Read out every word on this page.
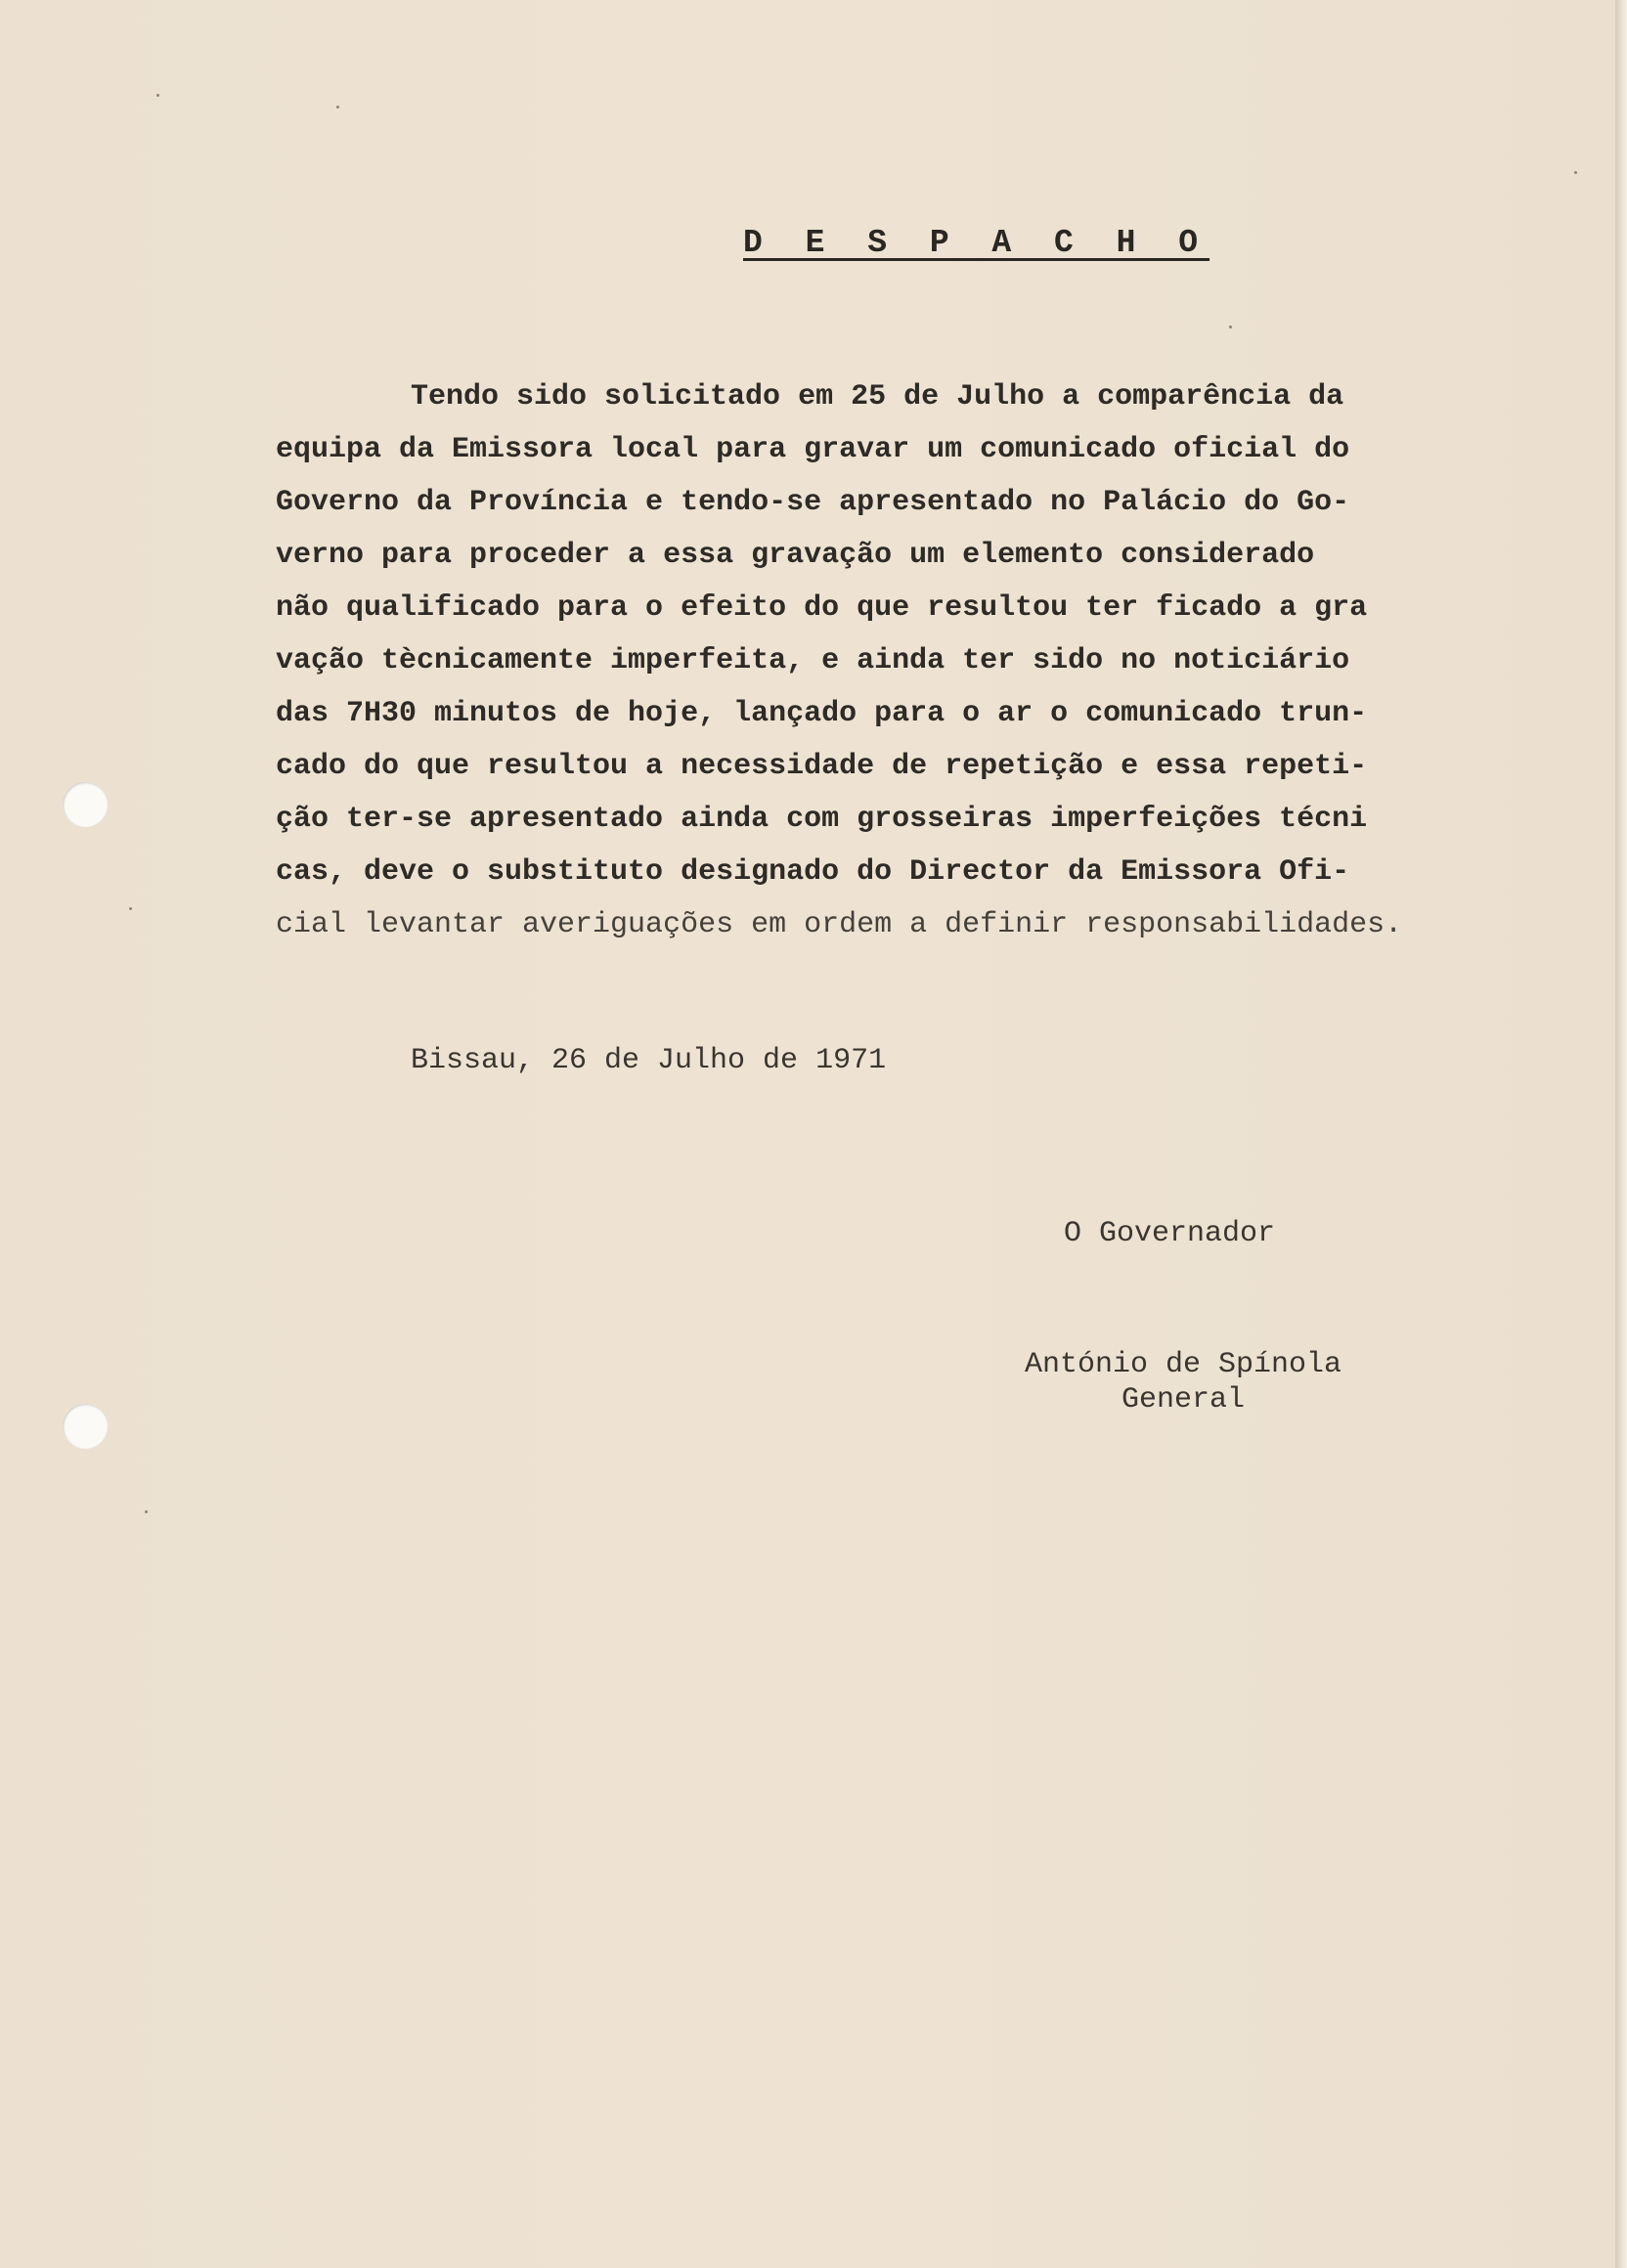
D E S P A C H O
Tendo sido solicitado em 25 de Julho a comparência da
equipa da Emissora local para gravar um comunicado oficial do
Governo da Província e tendo-se apresentado no Palácio do Go-
verno para proceder a essa gravação um elemento considerado
não qualificado para o efeito do que resultou ter ficado a gra
vação tècnicamente imperfeita, e ainda ter sido no noticiário
das 7H30 minutos de hoje, lançado para o ar o comunicado trun-
cado do que resultou a necessidade de repetição e essa repeti-
ção ter-se apresentado ainda com grosseiras imperfeições técni
cas, deve o substituto designado do Director da Emissora Ofi-
cial levantar averiguações em ordem a definir responsabilidades.
Bissau, 26 de Julho de 1971
O Governador
António de Spínola
General
